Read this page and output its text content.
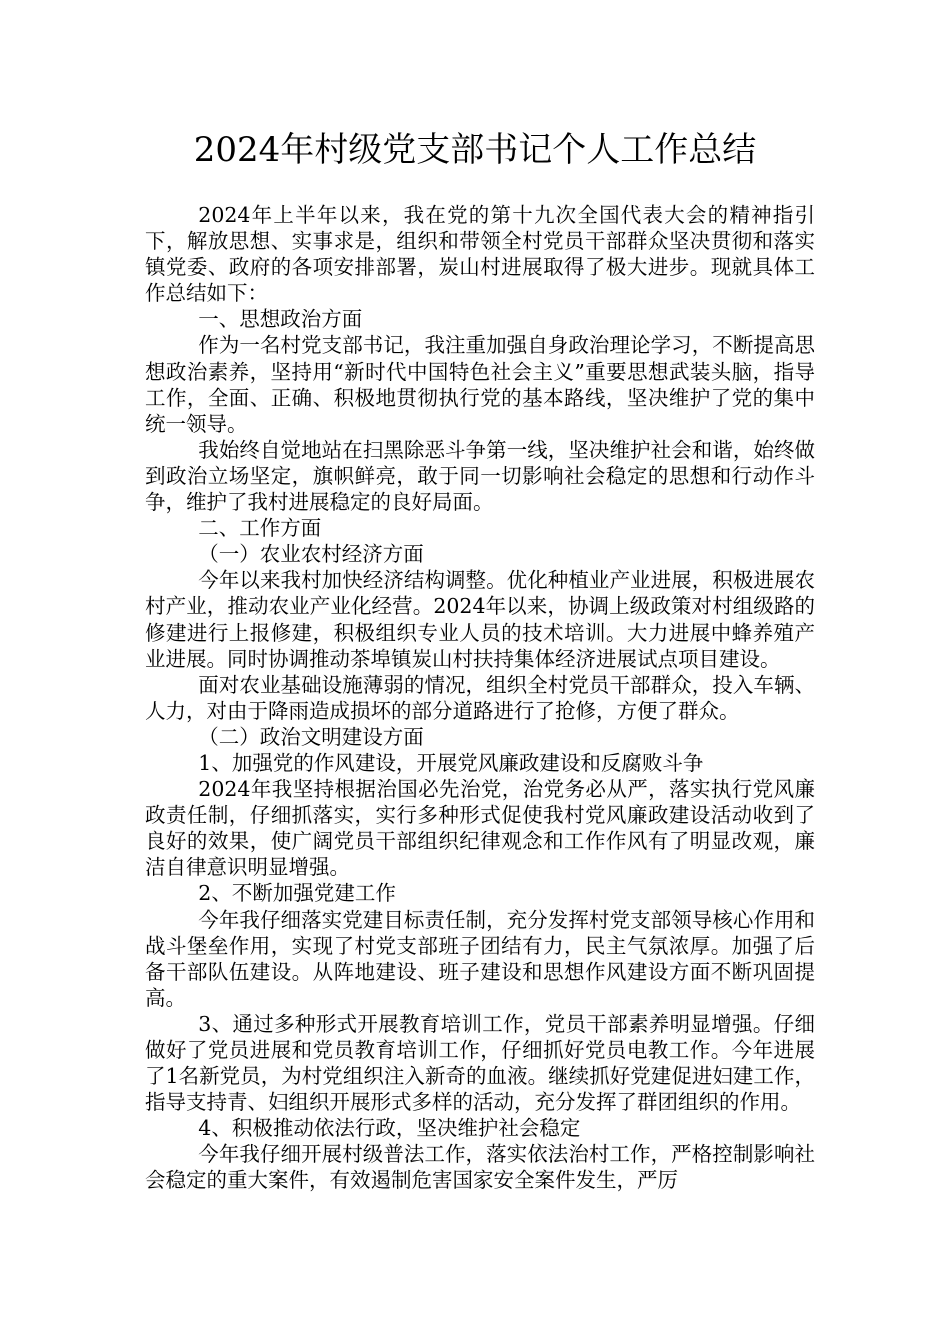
2024年村级党支部书记个人工作总结

2024年上半年以来，我在党的第十九次全国代表大会的精神指引下，解放思想、实事求是，组织和带领全村党员干部群众坚决贯彻和落实镇党委、政府的各项安排部署，炭山村进展取得了极大进步。现就具体工作总结如下：

一、思想政治方面

作为一名村党支部书记，我注重加强自身政治理论学习，不断提高思想政治素养，坚持用“新时代中国特色社会主义”重要思想武装头脑，指导工作，全面、正确、积极地贯彻执行党的基本路线，坚决维护了党的集中统一领导。

我始终自觉地站在扫黑除恶斗争第一线，坚决维护社会和谐，始终做到政治立场坚定，旗帜鲜亮，敢于同一切影响社会稳定的思想和行动作斗争，维护了我村进展稳定的良好局面。

二、工作方面

（一）农业农村经济方面

今年以来我村加快经济结构调整。优化种植业产业进展，积极进展农村产业，推动农业产业化经营。2024年以来，协调上级政策对村组级路的修建进行上报修建，积极组织专业人员的技术培训。大力进展中蜂养殖产业进展。同时协调推动茶埠镇炭山村扶持集体经济进展试点项目建设。

面对农业基础设施薄弱的情况，组织全村党员干部群众，投入车辆、人力，对由于降雨造成损坏的部分道路进行了抢修，方便了群众。

（二）政治文明建设方面

1、加强党的作风建设，开展党风廉政建设和反腐败斗争

2024年我坚持根据治国必先治党，治党务必从严，落实执行党风廉政责任制，仔细抓落实，实行多种形式促使我村党风廉政建设活动收到了良好的效果，使广阔党员干部组织纪律观念和工作作风有了明显改观，廉洁自律意识明显增强。

2、不断加强党建工作

今年我仔细落实党建目标责任制，充分发挥村党支部领导核心作用和战斗堡垒作用，实现了村党支部班子团结有力，民主气氛浓厚。加强了后备干部队伍建设。从阵地建设、班子建设和思想作风建设方面不断巩固提高。

3、通过多种形式开展教育培训工作，党员干部素养明显增强。仔细做好了党员进展和党员教育培训工作，仔细抓好党员电教工作。今年进展了1名新党员，为村党组织注入新奇的血液。继续抓好党建促进妇建工作，指导支持青、妇组织开展形式多样的活动，充分发挥了群团组织的作用。

4、积极推动依法行政，坚决维护社会稳定

今年我仔细开展村级普法工作，落实依法治村工作，严格控制影响社会稳定的重大案件，有效遏制危害国家安全案件发生，严厉
